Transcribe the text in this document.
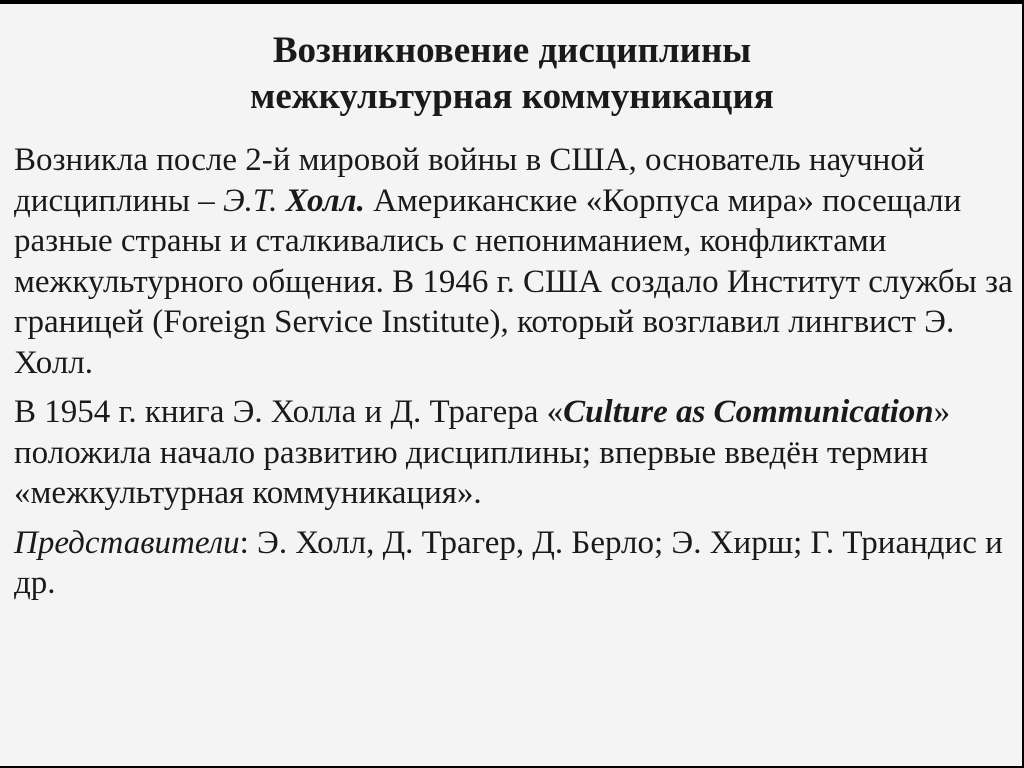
Возникновение дисциплины
межкультурная коммуникация

Возникла после 2-й мировой войны в США, основатель научной дисциплины – Э.Т. Холл. Американские «Корпуса мира» посещали разные страны и сталкивались с непониманием, конфликтами межкультурного общения. В 1946 г. США создало Институт службы за границей (Foreign Service Institute), который возглавил лингвист Э. Холл.

В 1954 г. книга Э. Холла и Д. Трагера «Culture as Communication» положила начало развитию дисциплины; впервые введён термин «межкультурная коммуникация».

Представители: Э. Холл, Д. Трагер, Д. Берло; Э. Хирш; Г. Триандис и др.
